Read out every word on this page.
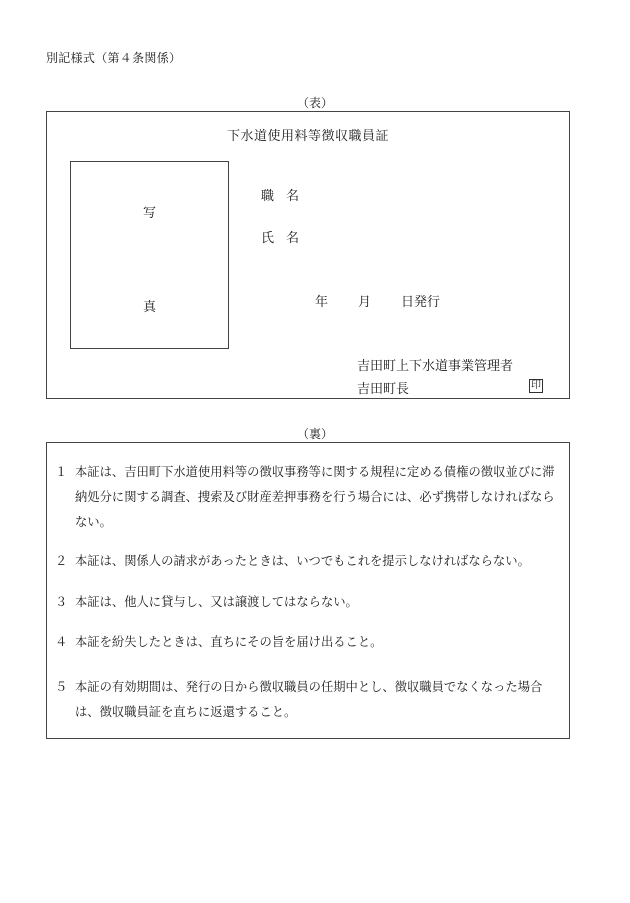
別記様式（第４条関係）
（表）
下水道使用料等徴収職員証
写
真
職名
氏名
年 月 日発行
吉田町上下水道事業管理者
吉田町長	印
（裏）
１ 本証は、吉田町下水道使用料等の徴収事務等に関する規程に定める債権の徴収並びに滞納処分に関する調査、捜索及び財産差押事務を行う場合には、必ず携帯しなければならない。
２ 本証は、関係人の請求があったときは、いつでもこれを提示しなければならない。
３ 本証は、他人に貸与し、又は譲渡してはならない。
４ 本証を紛失したときは、直ちにその旨を届け出ること。
５ 本証の有効期間は、発行の日から徴収職員の任期中とし、徴収職員でなくなった場合は、徴収職員証を直ちに返還すること。
